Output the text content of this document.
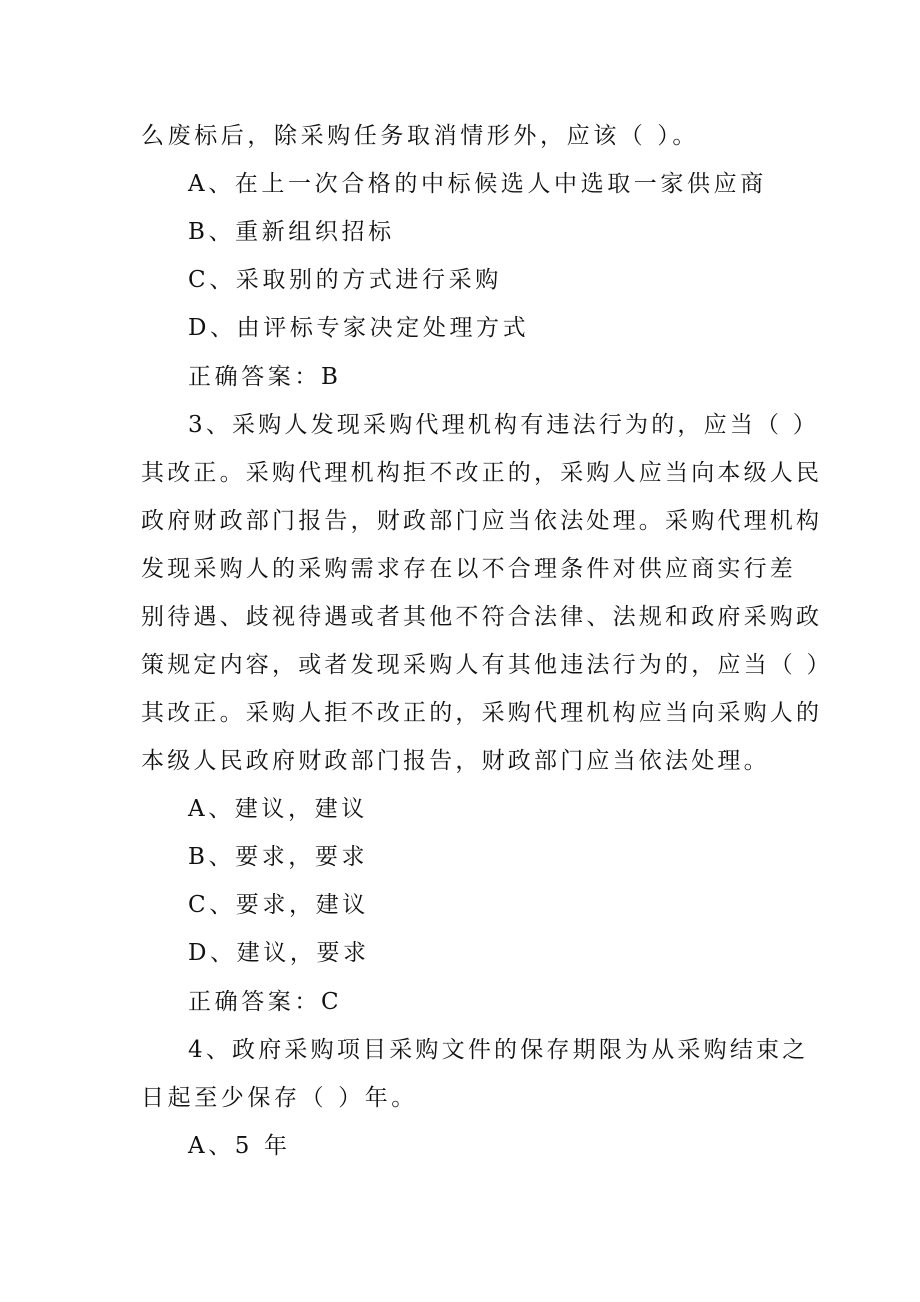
么废标后，除采购任务取消情形外，应该（ ）。
A、在上一次合格的中标候选人中选取一家供应商
B、重新组织招标
C、采取别的方式进行采购
D、由评标专家决定处理方式
正确答案：B
3、采购人发现采购代理机构有违法行为的，应当（ ）
其改正。采购代理机构拒不改正的，采购人应当向本级人民
政府财政部门报告，财政部门应当依法处理。采购代理机构
发现采购人的采购需求存在以不合理条件对供应商实行差
别待遇、歧视待遇或者其他不符合法律、法规和政府采购政
策规定内容，或者发现采购人有其他违法行为的，应当（ ）
其改正。采购人拒不改正的，采购代理机构应当向采购人的
本级人民政府财政部门报告，财政部门应当依法处理。
A、建议，建议
B、要求，要求
C、要求，建议
D、建议，要求
正确答案：C
4、政府采购项目采购文件的保存期限为从采购结束之
日起至少保存（ ）年。
A、5 年
